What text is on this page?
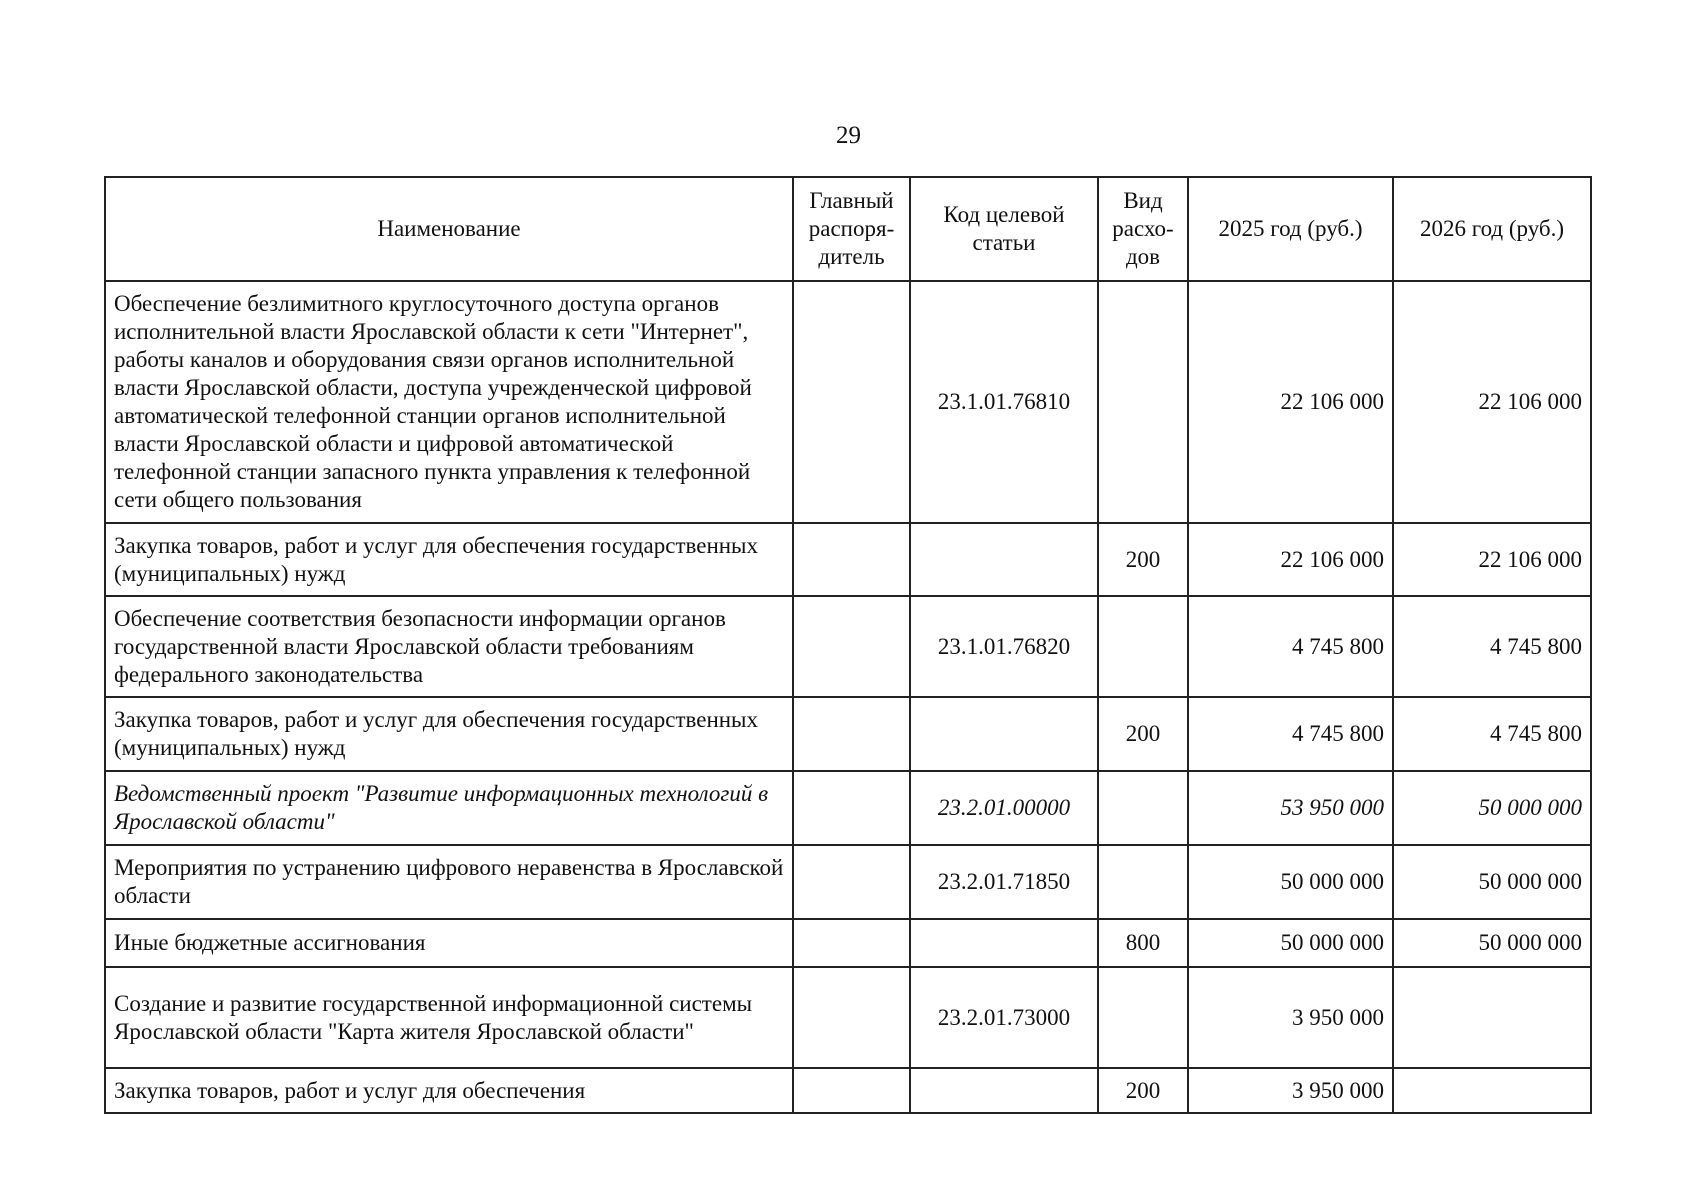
29
Наименование	Главный распоря-дитель	Код целевой статьи	Вид расхо-дов	2025 год (руб.)	2026 год (руб.)
Обеспечение безлимитного круглосуточного доступа органов исполнительной власти Ярославской области к сети "Интернет", работы каналов и оборудования связи органов исполнительной власти Ярославской области, доступа учрежденческой цифровой автоматической телефонной станции органов исполнительной власти Ярославской области и цифровой автоматической телефонной станции запасного пункта управления к телефонной сети общего пользования		23.1.01.76810		22 106 000	22 106 000
Закупка товаров, работ и услуг для обеспечения государственных (муниципальных) нужд			200	22 106 000	22 106 000
Обеспечение соответствия безопасности информации органов государственной власти Ярославской области требованиям федерального законодательства		23.1.01.76820		4 745 800	4 745 800
Закупка товаров, работ и услуг для обеспечения государственных (муниципальных) нужд			200	4 745 800	4 745 800
Ведомственный проект "Развитие информационных технологий в Ярославской области"		23.2.01.00000		53 950 000	50 000 000
Мероприятия по устранению цифрового неравенства в Ярославской области		23.2.01.71850		50 000 000	50 000 000
Иные бюджетные ассигнования			800	50 000 000	50 000 000
Создание и развитие государственной информационной системы Ярославской области "Карта жителя Ярославской области"		23.2.01.73000		3 950 000	
Закупка товаров, работ и услуг для обеспечения			200	3 950 000	
